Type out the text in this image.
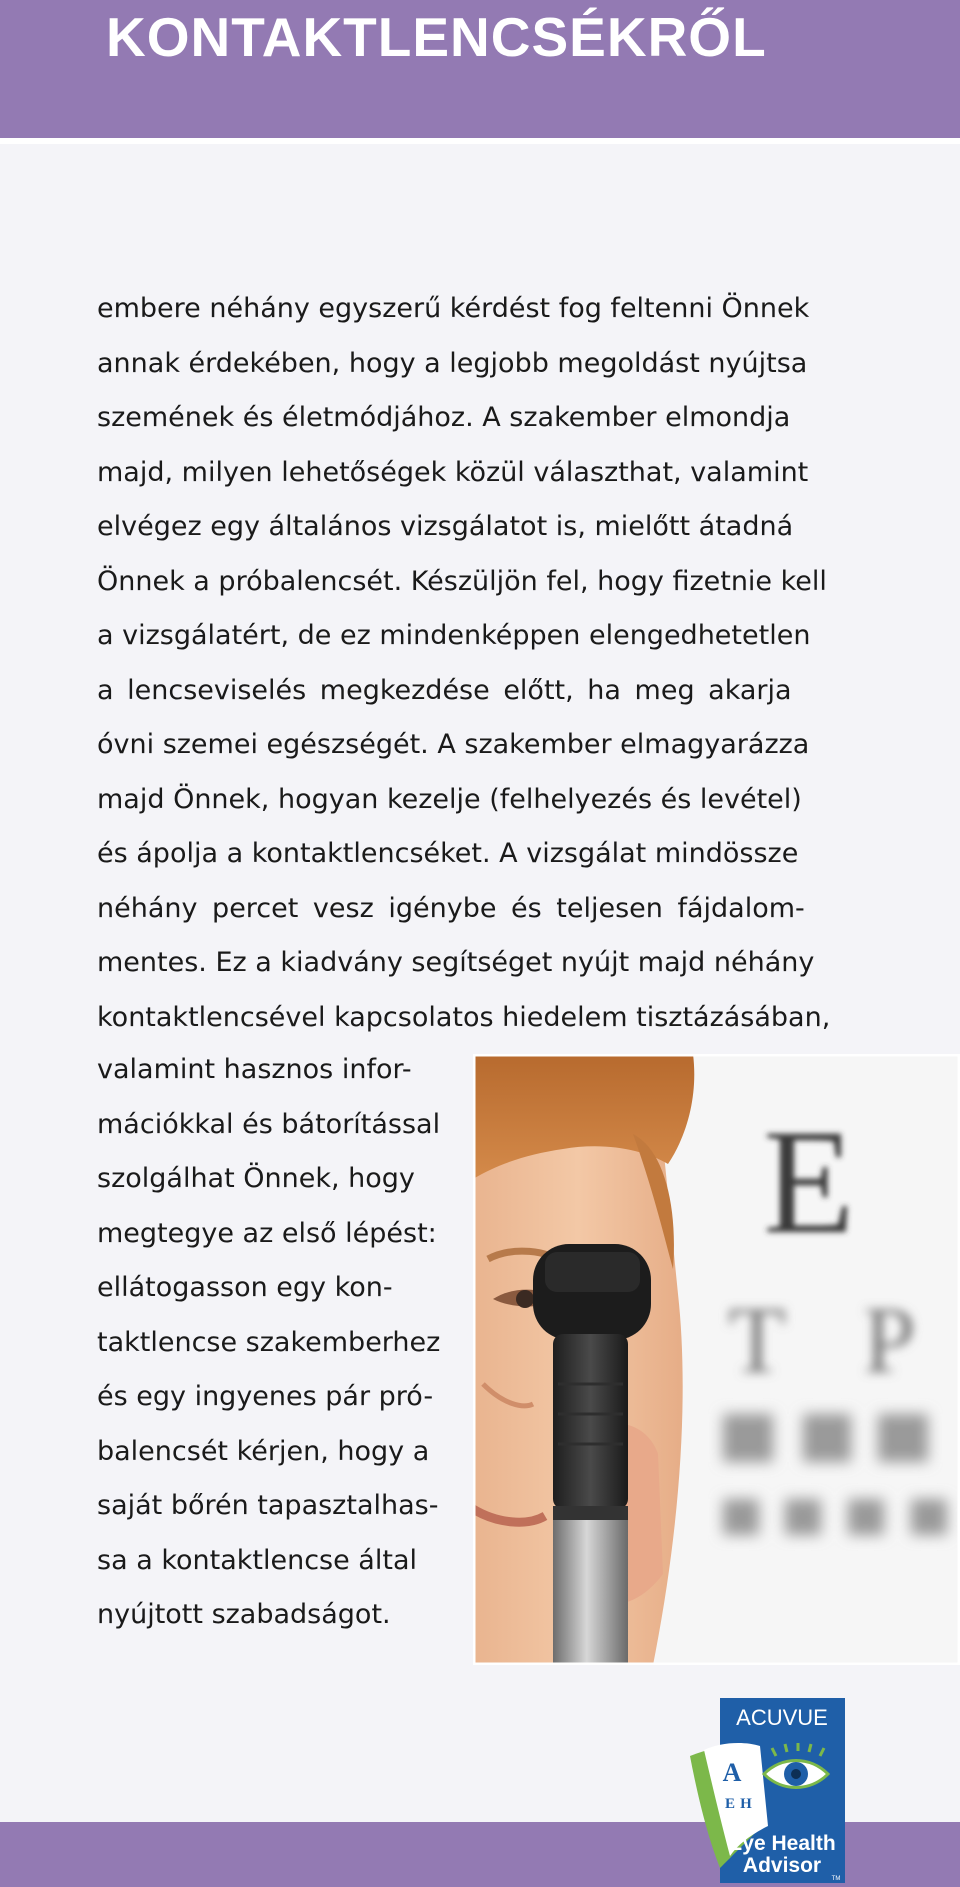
KONTAKTLENCSÉKRŐL

embere néhány egyszerű kérdést fog feltenni Önnek
annak érdekében, hogy a legjobb megoldást nyújtsa
szemének és életmódjához. A szakember elmondja
majd, milyen lehetőségek közül választhat, valamint
elvégez egy általános vizsgálatot is, mielőtt átadná
Önnek a próbalencsét. Készüljön fel, hogy fizetnie kell
a vizsgálatért, de ez mindenképpen elengedhetetlen
a lencseviselés megkezdése előtt, ha meg akarja
óvni szemei egészségét. A szakember elmagyarázza
majd Önnek, hogyan kezelje (felhelyezés és levétel)
és ápolja a kontaktlencséket. A vizsgálat mindössze
néhány percet vesz igénybe és teljesen fájdalom-
mentes. Ez a kiadvány segítséget nyújt majd néhány
kontaktlencsével kapcsolatos hiedelem tisztázásában,

valamint hasznos infor-
mációkkal és bátorítással
szolgálhat Önnek, hogy
megtegye az első lépést:
ellátogasson egy kon-
taktlencse szakemberhez
és egy ingyenes pár pró-
balencsét kérjen, hogy a
saját bőrén tapasztalhas-
sa a kontaktlencse által
nyújtott szabadságot.

E
T P
ACUVUE
A
E H
Eye Health
Advisor
TM
